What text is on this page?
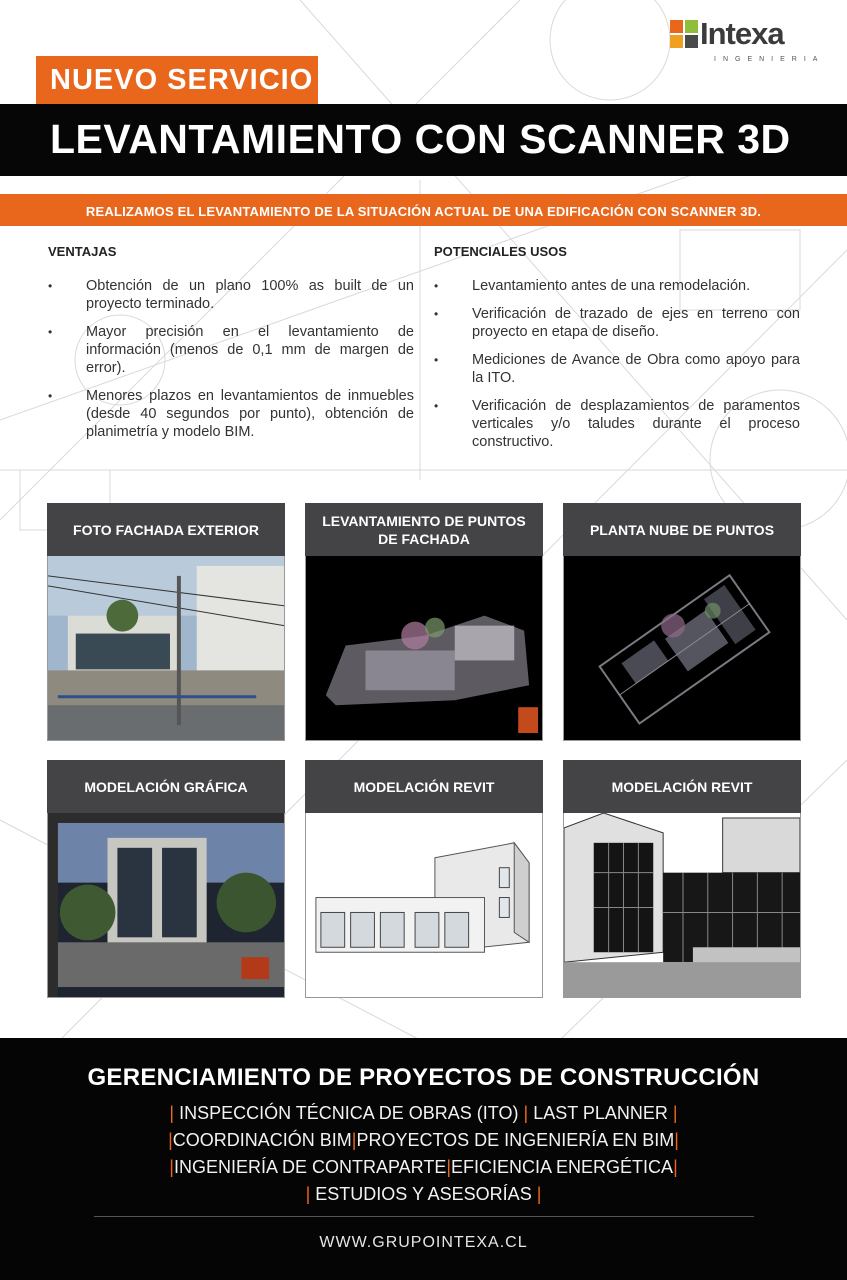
Intexa
INGENIERIA
NUEVO SERVICIO
LEVANTAMIENTO CON SCANNER 3D
REALIZAMOS EL LEVANTAMIENTO DE LA SITUACIÓN ACTUAL DE UNA EDIFICACIÓN CON SCANNER 3D.
VENTAJAS
• Obtención de un plano 100% as built de un proyecto terminado.
• Mayor precisión en el levantamiento de información (menos de 0,1 mm de margen de error).
• Menores plazos en levantamientos de inmuebles (desde 40 segundos por punto), obtención de planimetría y modelo BIM.
POTENCIALES USOS
• Levantamiento antes de una remodelación.
• Verificación de trazado de ejes en terreno con proyecto en etapa de diseño.
• Mediciones de Avance de Obra como apoyo para la ITO.
• Verificación de desplazamientos de paramentos verticales y/o taludes durante el proceso constructivo.
FOTO FACHADA EXTERIOR
LEVANTAMIENTO DE PUNTOS DE FACHADA
PLANTA NUBE DE PUNTOS
MODELACIÓN GRÁFICA	MODELACIÓN REVIT	MODELACIÓN REVIT
GERENCIAMIENTO DE PROYECTOS DE CONSTRUCCIÓN
| INSPECCIÓN TÉCNICA DE OBRAS (ITO) | LAST PLANNER |
|COORDINACIÓN BIM|PROYECTOS DE INGENIERÍA EN BIM|
|INGENIERÍA DE CONTRAPARTE|EFICIENCIA ENERGÉTICA|
| ESTUDIOS Y ASESORÍAS |
WWW.GRUPOINTEXA.CL
